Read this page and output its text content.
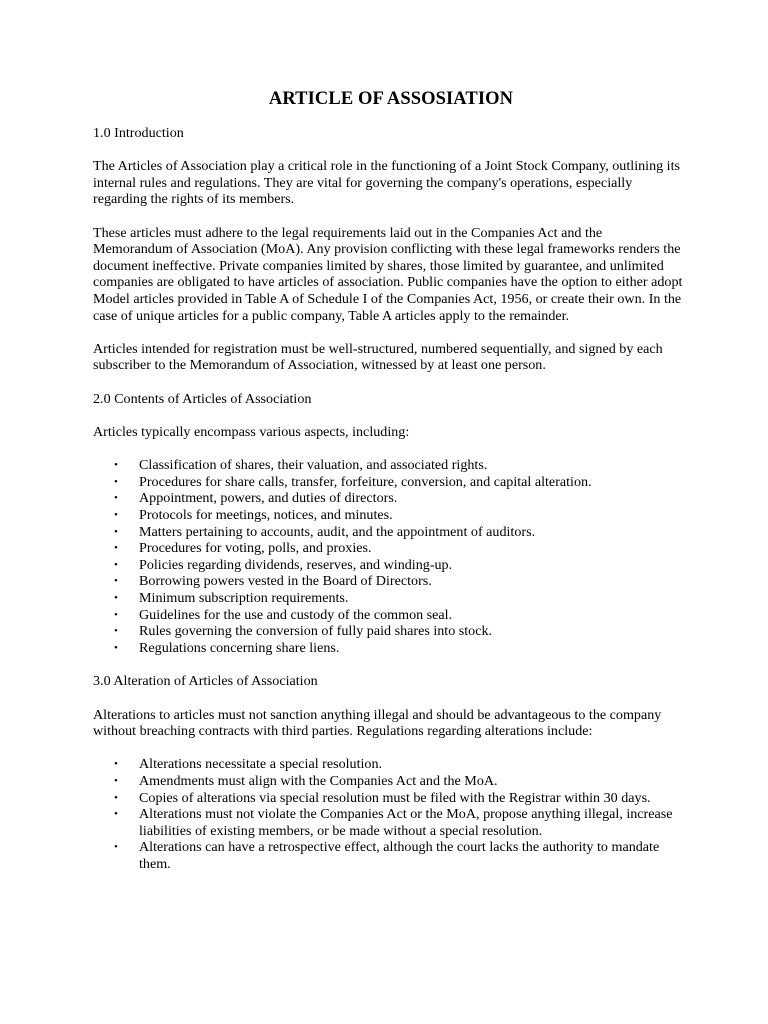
ARTICLE OF ASSOSIATION
1.0 Introduction

The Articles of Association play a critical role in the functioning of a Joint Stock Company, outlining its internal rules and regulations. They are vital for governing the company's operations, especially regarding the rights of its members.

These articles must adhere to the legal requirements laid out in the Companies Act and the Memorandum of Association (MoA). Any provision conflicting with these legal frameworks renders the document ineffective. Private companies limited by shares, those limited by guarantee, and unlimited companies are obligated to have articles of association. Public companies have the option to either adopt Model articles provided in Table A of Schedule I of the Companies Act, 1956, or create their own. In the case of unique articles for a public company, Table A articles apply to the remainder.

Articles intended for registration must be well-structured, numbered sequentially, and signed by each subscriber to the Memorandum of Association, witnessed by at least one person.

2.0 Contents of Articles of Association

Articles typically encompass various aspects, including:

• Classification of shares, their valuation, and associated rights.
• Procedures for share calls, transfer, forfeiture, conversion, and capital alteration.
• Appointment, powers, and duties of directors.
• Protocols for meetings, notices, and minutes.
• Matters pertaining to accounts, audit, and the appointment of auditors.
• Procedures for voting, polls, and proxies.
• Policies regarding dividends, reserves, and winding-up.
• Borrowing powers vested in the Board of Directors.
• Minimum subscription requirements.
• Guidelines for the use and custody of the common seal.
• Rules governing the conversion of fully paid shares into stock.
• Regulations concerning share liens.
3.0 Alteration of Articles of Association

Alterations to articles must not sanction anything illegal and should be advantageous to the company without breaching contracts with third parties. Regulations regarding alterations include:

• Alterations necessitate a special resolution.
• Amendments must align with the Companies Act and the MoA.
• Copies of alterations via special resolution must be filed with the Registrar within 30 days.
• Alterations must not violate the Companies Act or the MoA, propose anything illegal, increase liabilities of existing members, or be made without a special resolution.
• Alterations can have a retrospective effect, although the court lacks the authority to mandate them.
